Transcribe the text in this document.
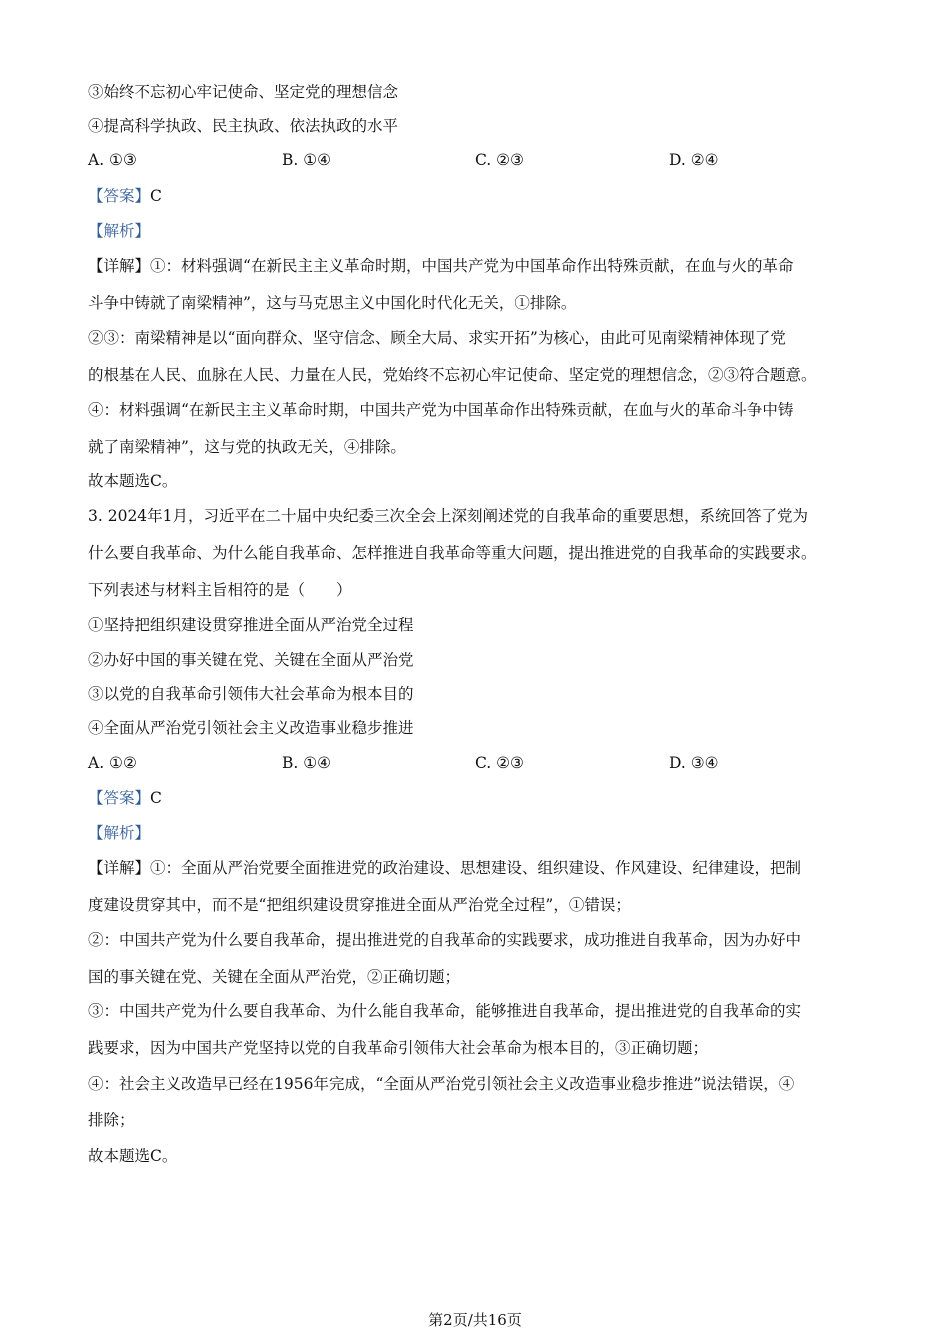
③始终不忘初心牢记使命、坚定党的理想信念
④提高科学执政、民主执政、依法执政的水平
A. ①③	B. ①④	C. ②③	D. ②④
【答案】C
【解析】
【详解】①：材料强调“在新民主主义革命时期，中国共产党为中国革命作出特殊贡献，在血与火的革命
斗争中铸就了南梁精神”，这与马克思主义中国化时代化无关，①排除。
②③：南梁精神是以“面向群众、坚守信念、顾全大局、求实开拓”为核心，由此可见南梁精神体现了党
的根基在人民、血脉在人民、力量在人民，党始终不忘初心牢记使命、坚定党的理想信念，②③符合题意。
④：材料强调“在新民主主义革命时期，中国共产党为中国革命作出特殊贡献，在血与火的革命斗争中铸
就了南梁精神”，这与党的执政无关，④排除。
故本题选C。
3. 2024年1月，习近平在二十届中央纪委三次全会上深刻阐述党的自我革命的重要思想，系统回答了党为
什么要自我革命、为什么能自我革命、怎样推进自我革命等重大问题，提出推进党的自我革命的实践要求。
下列表述与材料主旨相符的是（　　）
①坚持把组织建设贯穿推进全面从严治党全过程
②办好中国的事关键在党、关键在全面从严治党
③以党的自我革命引领伟大社会革命为根本目的
④全面从严治党引领社会主义改造事业稳步推进
A. ①②	B. ①④	C. ②③	D. ③④
【答案】C
【解析】
【详解】①：全面从严治党要全面推进党的政治建设、思想建设、组织建设、作风建设、纪律建设，把制
度建设贯穿其中，而不是“把组织建设贯穿推进全面从严治党全过程”，①错误；
②：中国共产党为什么要自我革命，提出推进党的自我革命的实践要求，成功推进自我革命，因为办好中
国的事关键在党、关键在全面从严治党，②正确切题；
③：中国共产党为什么要自我革命、为什么能自我革命，能够推进自我革命，提出推进党的自我革命的实
践要求，因为中国共产党坚持以党的自我革命引领伟大社会革命为根本目的，③正确切题；
④：社会主义改造早已经在1956年完成，“全面从严治党引领社会主义改造事业稳步推进”说法错误，④
排除；
故本题选C。
第2页/共16页
